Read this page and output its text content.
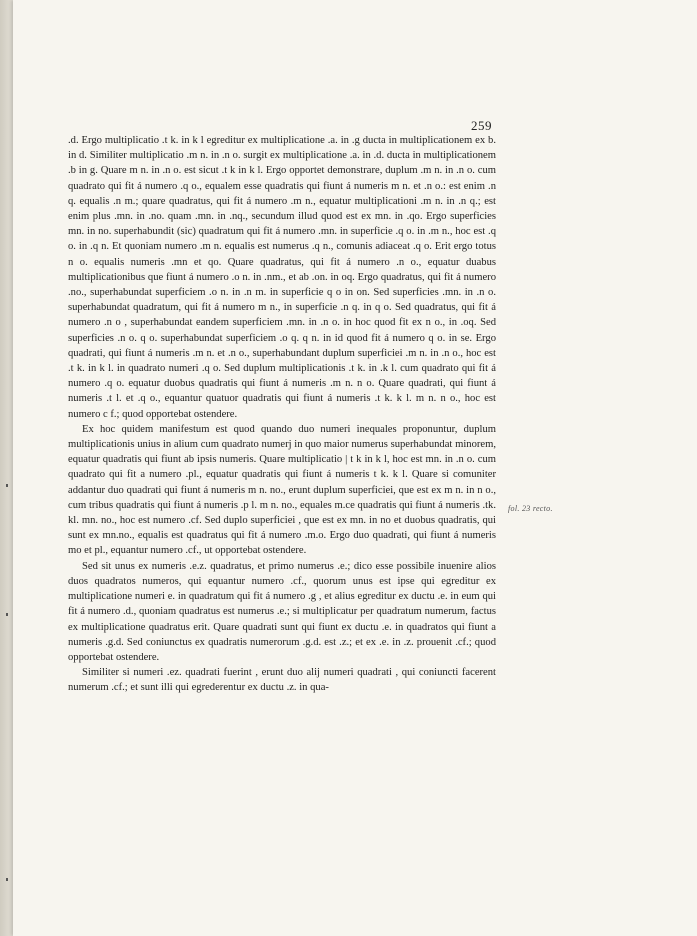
259

.d. Ergo multiplicatio .t k. in k l egreditur ex multiplicatione .a. in .g ducta in multiplicationem ex b. in d. Similiter multiplicatio .m n. in .n o. surgit ex multiplicatione .a. in .d. ducta in multiplicationem .b in g. Quare m n. in .n o. est sicut .t k in k l. Ergo opportet demonstrare, duplum .m n. in .n o. cum quadrato qui fit á numero .q o., equalem esse quadratis qui fiunt á numeris m n. et .n o.: est enim .n q. equalis .n m.; quare quadratus, qui fit á numero .m n., equatur multiplicationi .m n. in .n q.; est enim plus .mn. in .no. quam .mn. in .nq., secundum illud quod est ex mn. in .qo. Ergo superficies mn. in no. superhabundit (sic) quadratum qui fit á numero .mn. in superficie .q o. in .m n., hoc est .q o. in .q n. Et quoniam numero .m n. equalis est numerus .q n., comunis adiaceat .q o. Erit ergo totus n o. equalis numeris .mn et qo. Quare quadratus, qui fit á numero .n o., equatur duabus multiplicationibus que fiunt á numero .o n. in .nm., et ab .on. in oq. Ergo quadratus, qui fit á numero .no., superhabundat superficiem .o n. in .n m. in superficie q o in on. Sed superficies .mn. in .n o. superhabundat quadratum, qui fit á numero m n., in superficie .n q. in q o. Sed quadratus, qui fit á numero .n o , superhabundat eandem superficiem .mn. in .n o. in hoc quod fit ex n o., in .oq. Sed superficies .n o. q o. superhabundat superficiem .o q. q n. in id quod fit á numero q o. in se. Ergo quadrati, qui fiunt á numeris .m n. et .n o., superhabundant duplum superficiei .m n. in .n o., hoc est .t k. in k l. in quadrato numeri .q o. Sed duplum multiplicationis .t k. in .k l. cum quadrato qui fit á numero .q o. equatur duobus quadratis qui fiunt á numeris .m n. n o. Quare quadrati, qui fiunt á numeris .t l. et .q o., equantur quatuor quadratis qui fiunt á numeris .t k. k l. m n. n o., hoc est numero c f.; quod opportebat ostendere.

Ex hoc quidem manifestum est quod quando duo numeri inequales proponuntur, duplum multiplicationis unius in alium cum quadrato numerj in quo maior numerus superhabundat minorem, equatur quadratis qui fiunt ab ipsis numeris. Quare multiplicatio | t k in k l, hoc est mn. in .n o. cum quadrato qui fit a numero .pl., equatur quadratis qui fiunt á numeris t k. k l. Quare si comuniter addantur duo quadrati qui fiunt á numeris m n. no., erunt duplum superficiei, que est ex m n. in n o., cum tribus quadratis qui fiunt á numeris .p l. m n. no., equales m.ce quadratis qui fiunt á numeris .tk. kl. mn. no., hoc est numero .cf. Sed duplo superficiei , que est ex mn. in no et duobus quadratis, qui sunt ex mn.no., equalis est quadratus qui fit á numero .m.o. Ergo duo quadrati, qui fiunt á numeris mo et pl., equantur numero .cf., ut opportebat ostendere.

Sed sit unus ex numeris .e.z. quadratus, et primo numerus .e.; dico esse possibile inuenire alios duos quadratos numeros, qui equantur numero .cf., quorum unus est ipse qui egreditur ex multiplicatione numeri e. in quadratum qui fit á numero .g , et alius egreditur ex ductu .e. in eum qui fit á numero .d., quoniam quadratus est numerus .e.; si multiplicatur per quadratum numerum, factus ex multiplicatione quadratus erit. Quare quadrati sunt qui fiunt ex ductu .e. in quadratos qui fiunt a numeris .g.d. Sed coniunctus ex quadratis numerorum .g.d. est .z.; et ex .e. in .z. prouenit .cf.; quod opportebat ostendere.

Similiter si numeri .ez. quadrati fuerint , erunt duo alij numeri quadrati , qui coniuncti facerent numerum .cf.; et sunt illi qui egrederentur ex ductu .z. in qua-

fol. 23 recto.
